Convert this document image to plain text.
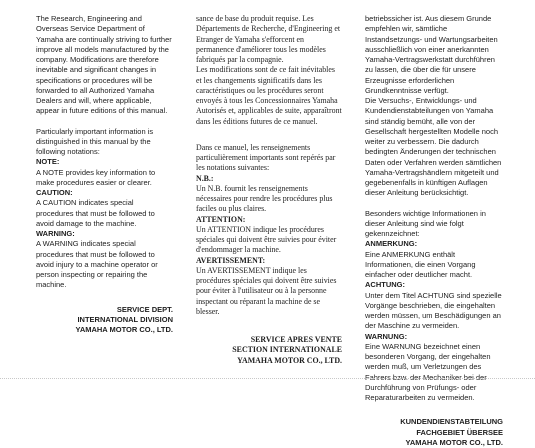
The Research, Engineering and Overseas Service Department of Yamaha are continually striving to further improve all models manufactured by the company. Modifications are therefore inevitable and significant changes in specifications or procedures will be forwarded to all Authorized Yamaha Dealers and will, where applicable, appear in future editions of this manual.

Particularly important information is distinguished in this manual by the following notations:

NOTE:

A NOTE provides key information to make procedures easier or clearer.

CAUTION:

A CAUTION indicates special procedures that must be followed to avoid damage to the machine.

WARNING:

A WARNING indicates special procedures that must be followed to avoid injury to a machine operator or person inspecting or repairing the machine.

SERVICE DEPT.
INTERNATIONAL DIVISION
YAMAHA MOTOR CO., LTD.

sance de base du produit requise. Les Départements de Recherche, d'Engineering et Etranger de Yamaha s'efforcent en permanence d'améliorer tous les modèles fabriqués par la compagnie.

Les modifications sont de ce fait inévitables et les changements significatifs dans les caractéristiques ou les procédures seront envoyés à tous les Concessionnaires Yamaha Autorisés et, applicables de suite, apparaîtront dans les éditions futures de ce manuel.

Dans ce manuel, les renseignements particulièrement importants sont repérés par les notations suivantes:

N.B.:

Un N.B. fournit les renseignements nécessaires pour rendre les procédures plus faciles ou plus claires.

ATTENTION:

Un ATTENTION indique les procédures spéciales qui doivent être suivies pour éviter d'endommager la machine.

AVERTISSEMENT:

Un AVERTISSEMENT indique les procédures spéciales qui doivent être suivies pour éviter à l'utilisateur ou à la personne inspectant ou réparant la machine de se blesser.

SERVICE APRES VENTE
SECTION INTERNATIONALE
YAMAHA MOTOR CO., LTD.

betriebssicher ist. Aus diesem Grunde empfehlen wir, sämtliche Instandsetzungs- und Wartungsarbeiten ausschließlich von einer anerkannten Yamaha-Vertragswerkstatt durchführen zu lassen, die über die für unsere Erzeugnisse erforderlichen Grundkenntnisse verfügt.

Die Versuchs-, Entwicklungs- und Kundendienstabteilungen von Yamaha sind ständig bemüht, alle von der Gesellschaft hergestellten Modelle noch weiter zu verbessern. Die dadurch bedingten Änderungen der technischen Daten oder Verfahren werden sämtlichen Yamaha-Vertragshändlern mitgeteilt und gegebenenfalls in künftigen Auflagen dieser Anleitung berücksichtigt.

Besonders wichtige Informationen in dieser Anleitung sind wie folgt gekennzeichnet:

ANMERKUNG:

Eine ANMERKUNG enthält Informationen, die einen Vorgang einfacher oder deutlicher macht.

ACHTUNG:

Unter dem Titel ACHTUNG sind spezielle Vorgänge beschrieben, die eingehalten werden müssen, um Beschädigungen an der Maschine zu vermeiden.

WARNUNG:

Eine WARNUNG bezeichnet einen besonderen Vorgang, der eingehalten werden muß, um Verletzungen des Fahrers bzw. der Mechaniker bei der Durchführung von Prüfungs- oder Reparaturarbeiten zu vermeiden.

KUNDENDIENSTABTEILUNG
FACHGEBIET ÜBERSEE
YAMAHA MOTOR CO., LTD.
